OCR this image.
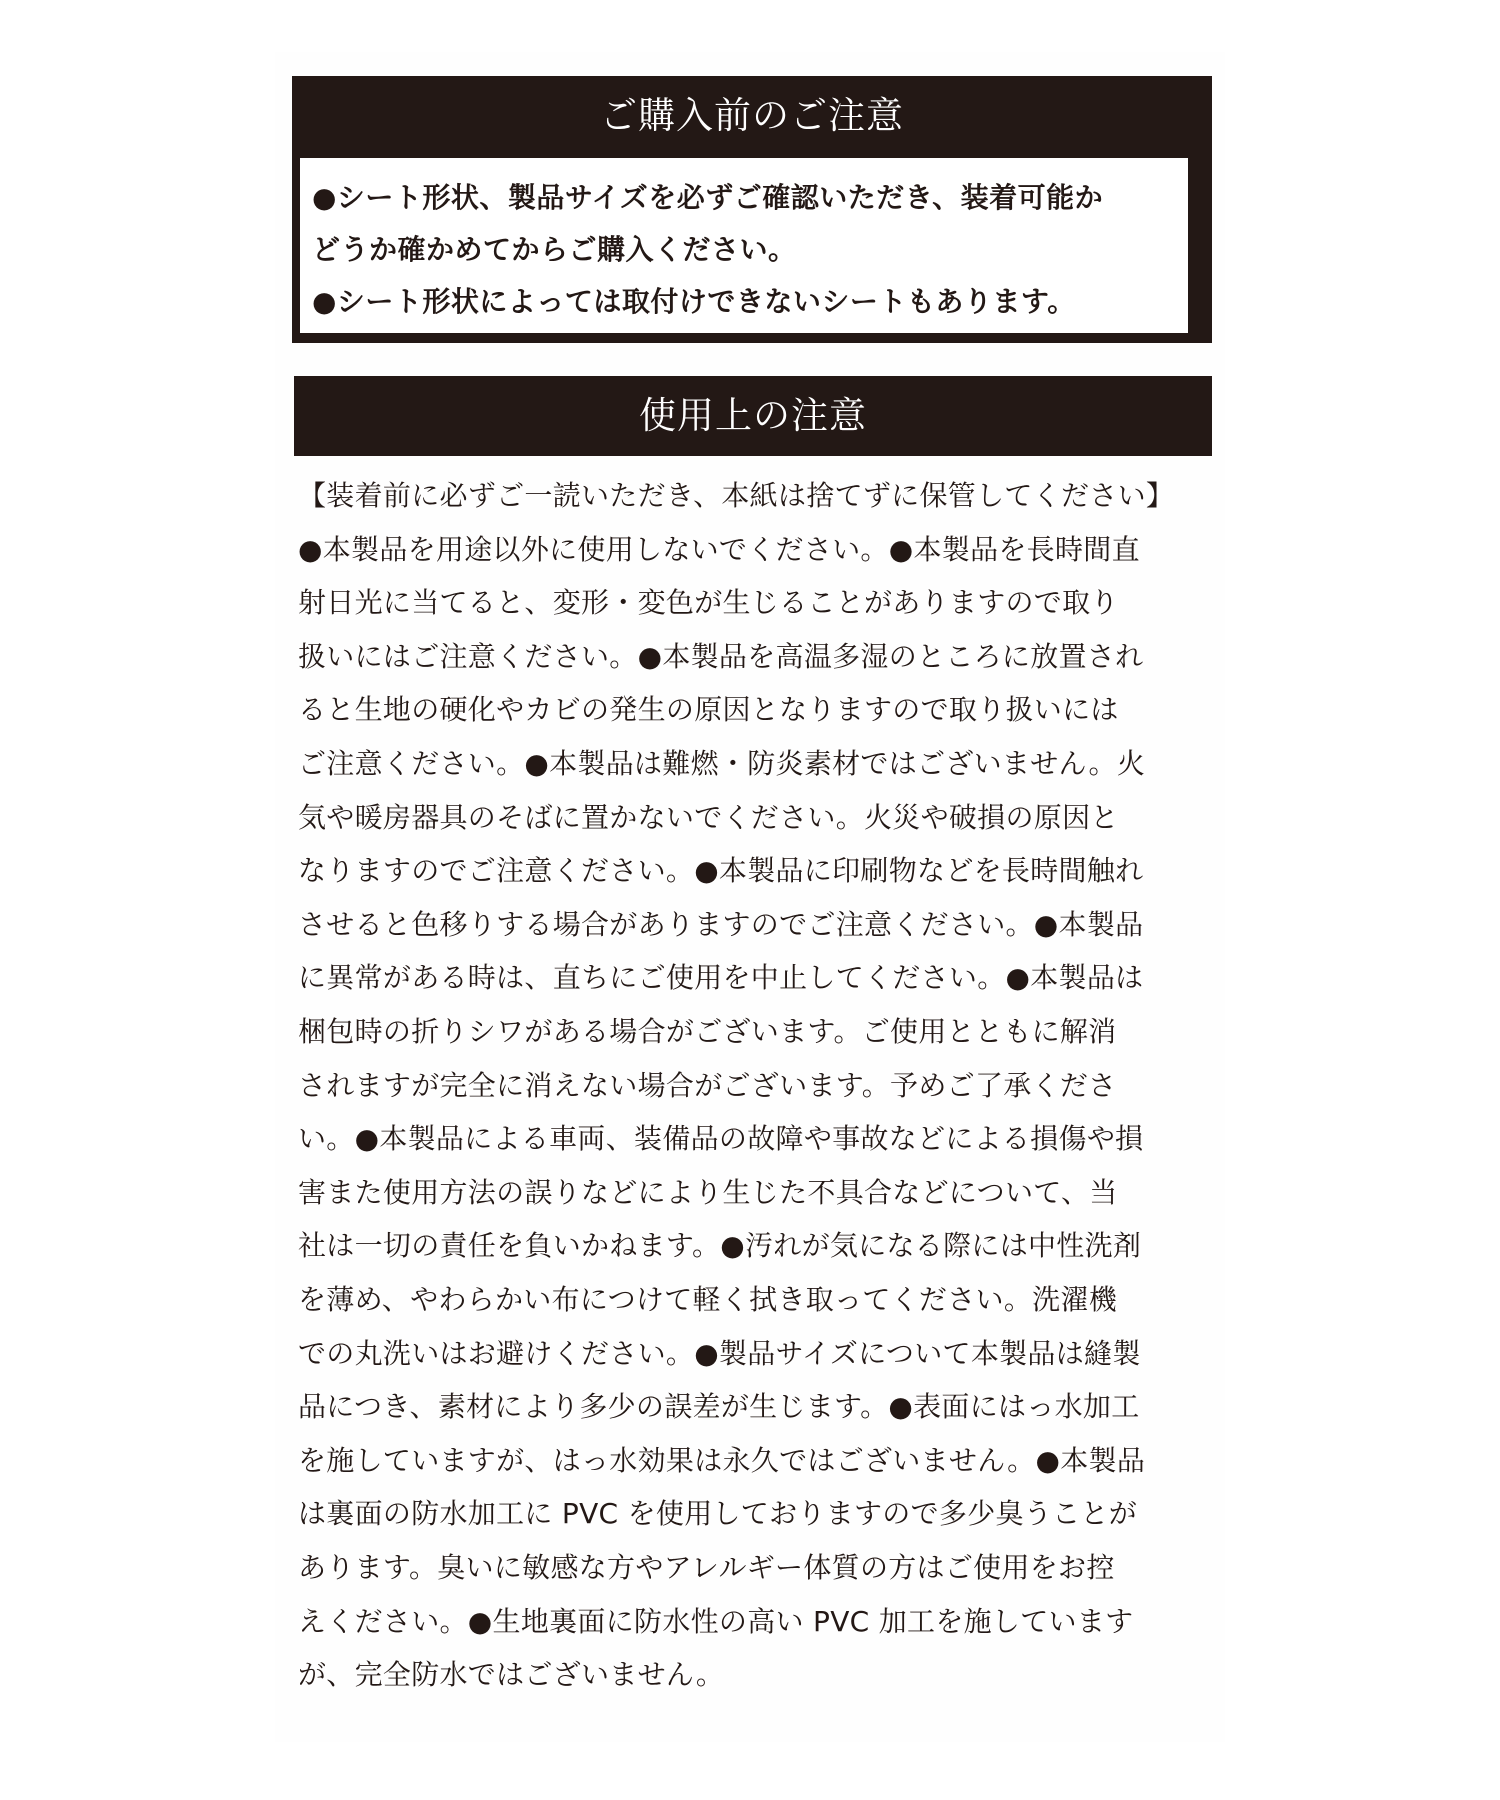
ご購入前のご注意
●シート形状、製品サイズを必ずご確認いただき、装着可能か
どうか確かめてからご購入ください。
●シート形状によっては取付けできないシートもあります。
使用上の注意
【装着前に必ずご一読いただき、本紙は捨てずに保管してください】
●本製品を用途以外に使用しないでください。●本製品を長時間直
射日光に当てると、変形・変色が生じることがありますので取り
扱いにはご注意ください。●本製品を高温多湿のところに放置され
ると生地の硬化やカビの発生の原因となりますので取り扱いには
ご注意ください。●本製品は難燃・防炎素材ではございません。火
気や暖房器具のそばに置かないでください。火災や破損の原因と
なりますのでご注意ください。●本製品に印刷物などを長時間触れ
させると色移りする場合がありますのでご注意ください。●本製品
に異常がある時は、直ちにご使用を中止してください。●本製品は
梱包時の折りシワがある場合がございます。ご使用とともに解消
されますが完全に消えない場合がございます。予めご了承くださ
い。●本製品による車両、装備品の故障や事故などによる損傷や損
害また使用方法の誤りなどにより生じた不具合などについて、当
社は一切の責任を負いかねます。●汚れが気になる際には中性洗剤
を薄め、やわらかい布につけて軽く拭き取ってください。洗濯機
での丸洗いはお避けください。●製品サイズについて本製品は縫製
品につき、素材により多少の誤差が生じます。●表面にはっ水加工
を施していますが、はっ水効果は永久ではございません。●本製品
は裏面の防水加工に PVC を使用しておりますので多少臭うことが
あります。臭いに敏感な方やアレルギー体質の方はご使用をお控
えください。●生地裏面に防水性の高い PVC 加工を施しています
が、完全防水ではございません。
